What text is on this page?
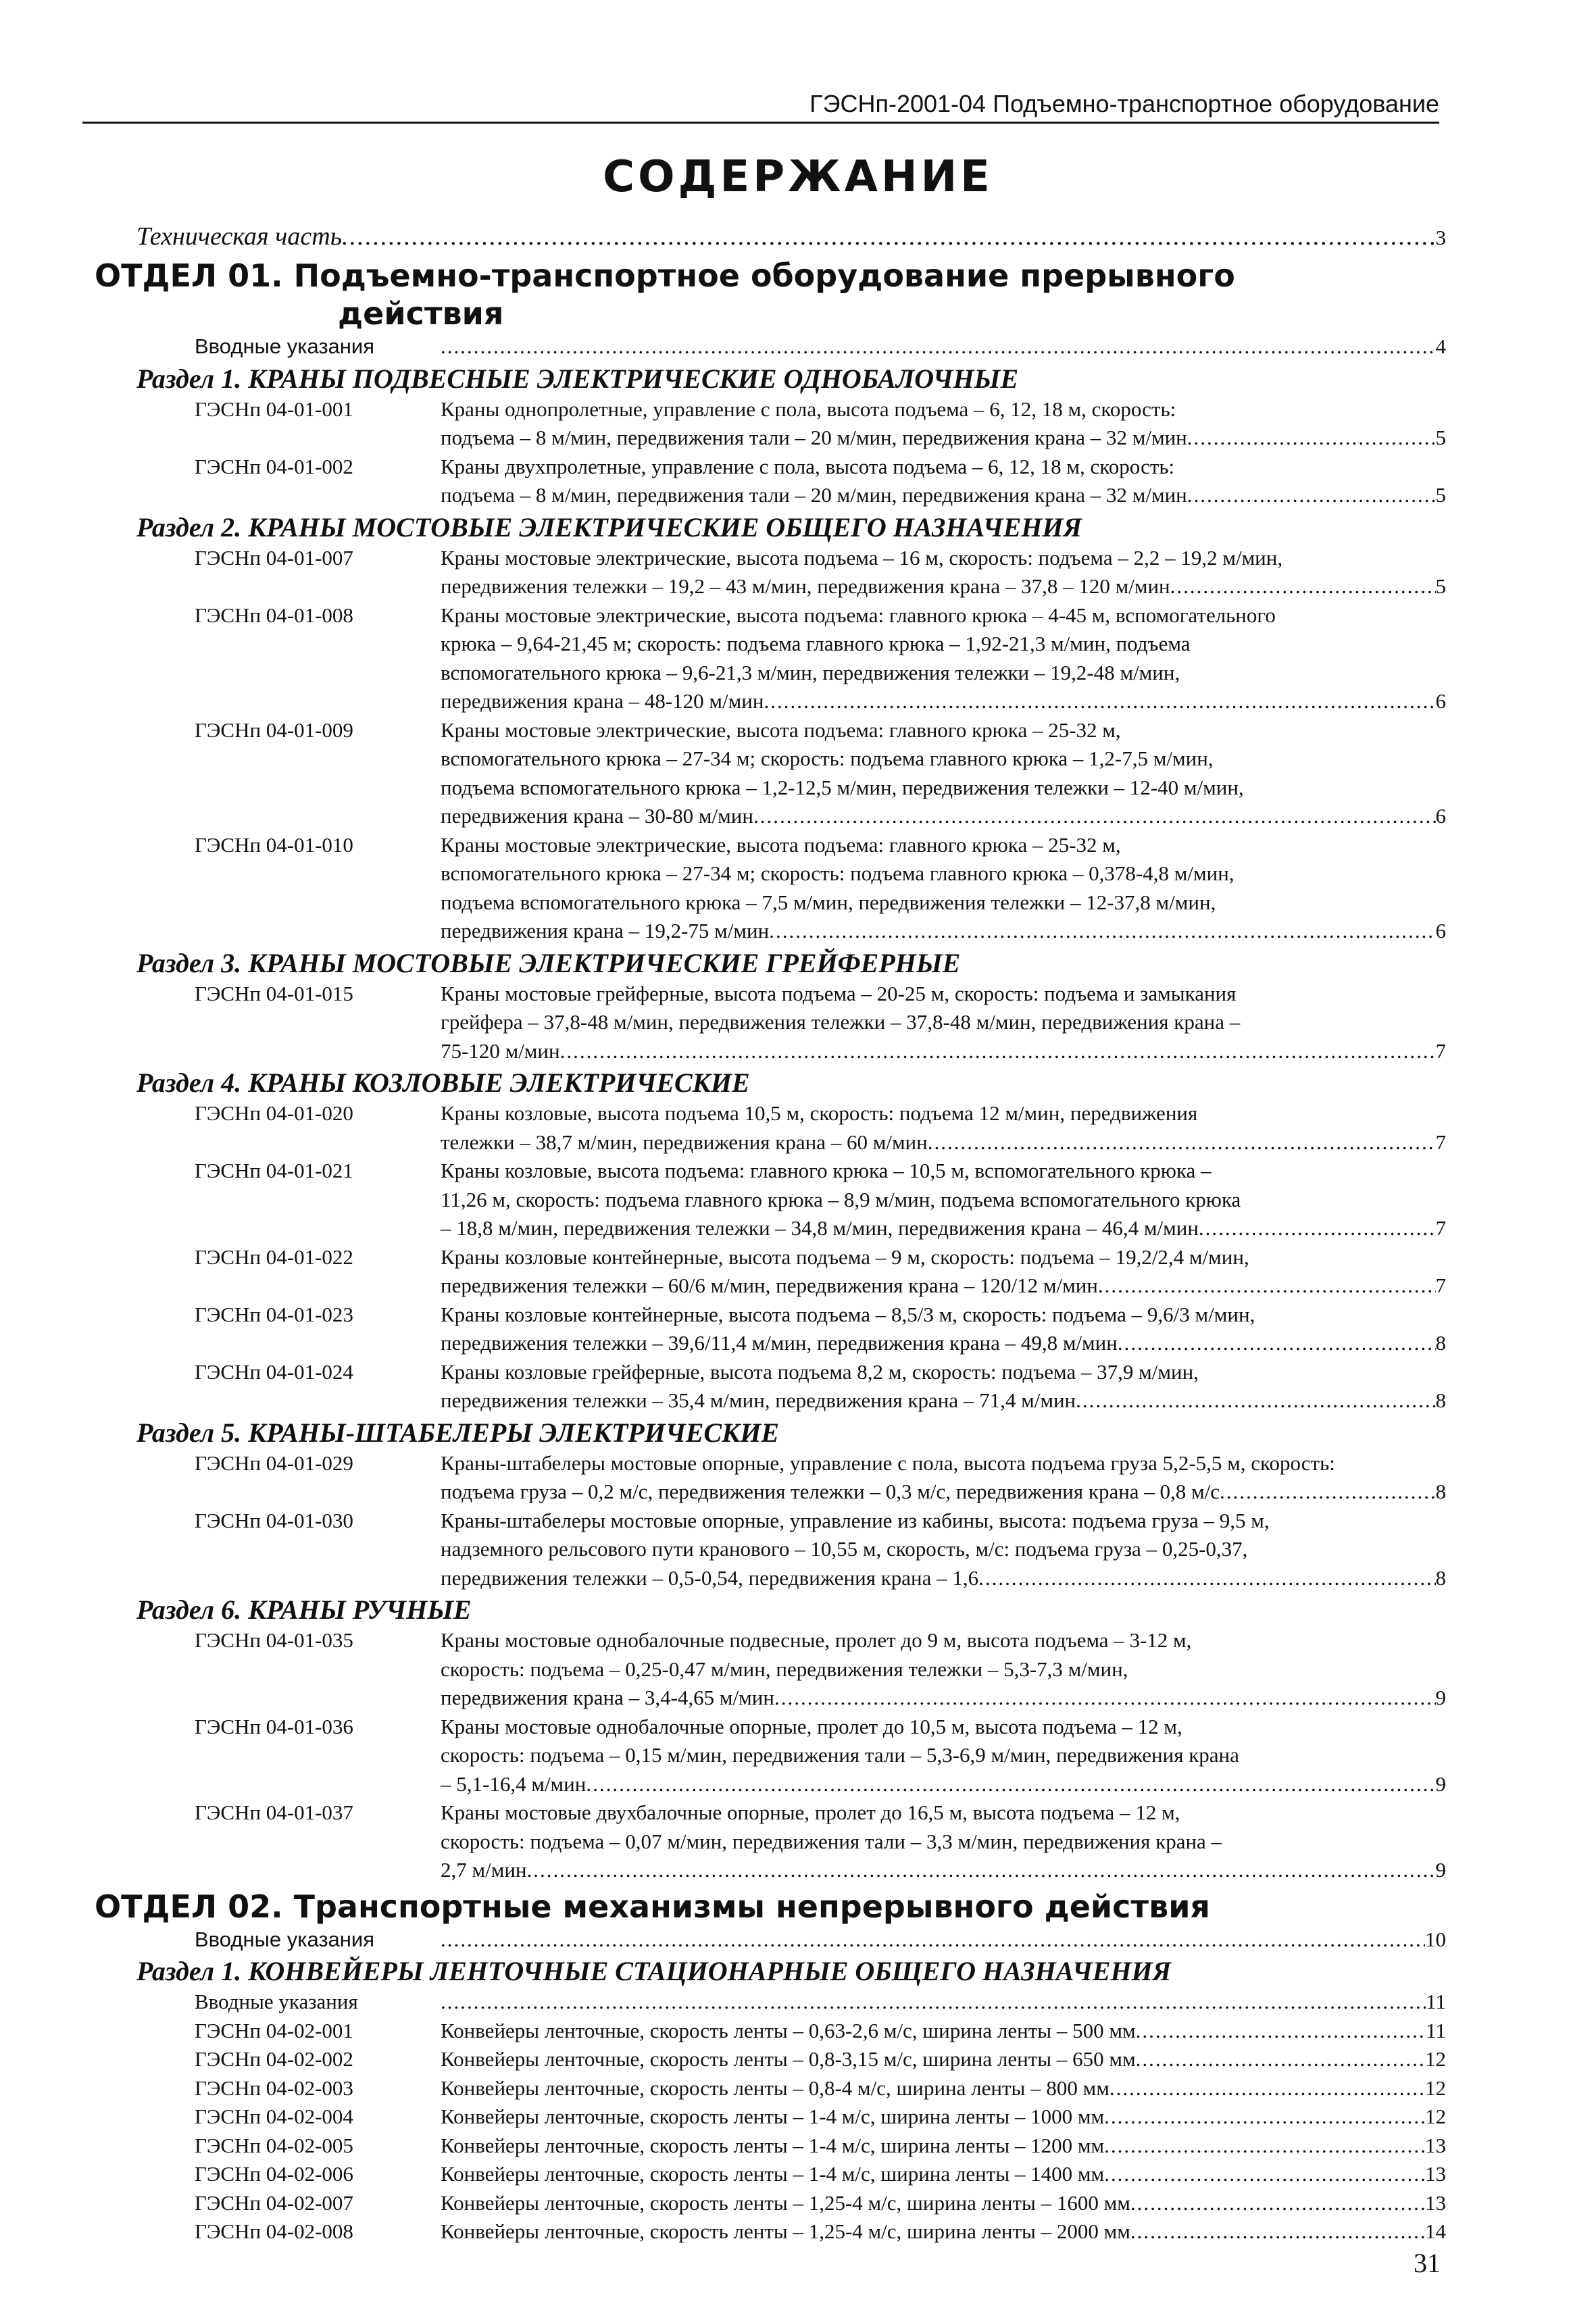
ГЭСНп-2001-04 Подъемно-транспортное оборудование
СОДЕРЖАНИЕ
Техническая часть .....	3
ОТДЕЛ 01. Подъемно-транспортное оборудование прерывного
действия
Вводные указания .....	4
Раздел 1. КРАНЫ ПОДВЕСНЫЕ ЭЛЕКТРИЧЕСКИЕ ОДНОБАЛОЧНЫЕ
ГЭСНп 04-01-001	Краны однопролетные, управление с пола, высота подъема – 6, 12, 18 м, скорость:
подъема – 8 м/мин, передвижения тали – 20 м/мин, передвижения крана – 32 м/мин .....	5
ГЭСНп 04-01-002	Краны двухпролетные, управление с пола, высота подъема – 6, 12, 18 м, скорость:
подъема – 8 м/мин, передвижения тали – 20 м/мин, передвижения крана – 32 м/мин .....	5
Раздел 2. КРАНЫ МОСТОВЫЕ ЭЛЕКТРИЧЕСКИЕ ОБЩЕГО НАЗНАЧЕНИЯ
ГЭСНп 04-01-007	Краны мостовые электрические, высота подъема – 16 м, скорость: подъема – 2,2 – 19,2 м/мин,
передвижения тележки – 19,2 – 43 м/мин, передвижения крана – 37,8 – 120 м/мин .....	5
ГЭСНп 04-01-008	Краны мостовые электрические, высота подъема: главного крюка – 4-45 м, вспомогательного
крюка – 9,64-21,45 м; скорость: подъема главного крюка – 1,92-21,3 м/мин, подъема
вспомогательного крюка – 9,6-21,3 м/мин, передвижения тележки – 19,2-48 м/мин,
передвижения крана – 48-120 м/мин .....	6
ГЭСНп 04-01-009	Краны мостовые электрические, высота подъема: главного крюка – 25-32 м,
вспомогательного крюка – 27-34 м; скорость: подъема главного крюка – 1,2-7,5 м/мин,
подъема вспомогательного крюка – 1,2-12,5 м/мин, передвижения тележки – 12-40 м/мин,
передвижения крана – 30-80 м/мин .....	6
ГЭСНп 04-01-010	Краны мостовые электрические, высота подъема: главного крюка – 25-32 м,
вспомогательного крюка – 27-34 м; скорость: подъема главного крюка – 0,378-4,8 м/мин,
подъема вспомогательного крюка – 7,5 м/мин, передвижения тележки – 12-37,8 м/мин,
передвижения крана – 19,2-75 м/мин .....	6
Раздел 3. КРАНЫ МОСТОВЫЕ ЭЛЕКТРИЧЕСКИЕ ГРЕЙФЕРНЫЕ
ГЭСНп 04-01-015	Краны мостовые грейферные, высота подъема – 20-25 м, скорость: подъема и замыкания
грейфера – 37,8-48 м/мин, передвижения тележки – 37,8-48 м/мин, передвижения крана –
75-120 м/мин .....	7
Раздел 4. КРАНЫ КОЗЛОВЫЕ ЭЛЕКТРИЧЕСКИЕ
ГЭСНп 04-01-020	Краны козловые, высота подъема 10,5 м, скорость: подъема 12 м/мин, передвижения
тележки – 38,7 м/мин, передвижения крана – 60 м/мин .....	7
ГЭСНп 04-01-021	Краны козловые, высота подъема: главного крюка – 10,5 м, вспомогательного крюка –
11,26 м, скорость: подъема главного крюка – 8,9 м/мин, подъема вспомогательного крюка
– 18,8 м/мин, передвижения тележки – 34,8 м/мин, передвижения крана – 46,4 м/мин .....	7
ГЭСНп 04-01-022	Краны козловые контейнерные, высота подъема – 9 м, скорость: подъема – 19,2/2,4 м/мин,
передвижения тележки – 60/6 м/мин, передвижения крана – 120/12 м/мин .....	7
ГЭСНп 04-01-023	Краны козловые контейнерные, высота подъема – 8,5/3 м, скорость: подъема – 9,6/3 м/мин,
передвижения тележки – 39,6/11,4 м/мин, передвижения крана – 49,8 м/мин .....	8
ГЭСНп 04-01-024	Краны козловые грейферные, высота подъема 8,2 м, скорость: подъема – 37,9 м/мин,
передвижения тележки – 35,4 м/мин, передвижения крана – 71,4 м/мин .....	8
Раздел 5. КРАНЫ-ШТАБЕЛЕРЫ ЭЛЕКТРИЧЕСКИЕ
ГЭСНп 04-01-029	Краны-штабелеры мостовые опорные, управление с пола, высота подъема груза 5,2-5,5 м, скорость:
подъема груза – 0,2 м/с, передвижения тележки – 0,3 м/с, передвижения крана – 0,8 м/с .....	8
ГЭСНп 04-01-030	Краны-штабелеры мостовые опорные, управление из кабины, высота: подъема груза – 9,5 м,
надземного рельсового пути кранового – 10,55 м, скорость, м/с: подъема груза – 0,25-0,37,
передвижения тележки – 0,5-0,54, передвижения крана – 1,6 .....	8
Раздел 6. КРАНЫ РУЧНЫЕ
ГЭСНп 04-01-035	Краны мостовые однобалочные подвесные, пролет до 9 м, высота подъема – 3-12 м,
скорость: подъема – 0,25-0,47 м/мин, передвижения тележки – 5,3-7,3 м/мин,
передвижения крана – 3,4-4,65 м/мин .....	9
ГЭСНп 04-01-036	Краны мостовые однобалочные опорные, пролет до 10,5 м, высота подъема – 12 м,
скорость: подъема – 0,15 м/мин, передвижения тали – 5,3-6,9 м/мин, передвижения крана
– 5,1-16,4 м/мин .....	9
ГЭСНп 04-01-037	Краны мостовые двухбалочные опорные, пролет до 16,5 м, высота подъема – 12 м,
скорость: подъема – 0,07 м/мин, передвижения тали – 3,3 м/мин, передвижения крана –
2,7 м/мин .....	9
ОТДЕЛ 02. Транспортные механизмы непрерывного действия
Вводные указания .....	10
Раздел 1. КОНВЕЙЕРЫ ЛЕНТОЧНЫЕ СТАЦИОНАРНЫЕ ОБЩЕГО НАЗНАЧЕНИЯ
Вводные указания .....	11
ГЭСНп 04-02-001	Конвейеры ленточные, скорость ленты – 0,63-2,6 м/с, ширина ленты – 500 мм .....	11
ГЭСНп 04-02-002	Конвейеры ленточные, скорость ленты – 0,8-3,15 м/с, ширина ленты – 650 мм .....	12
ГЭСНп 04-02-003	Конвейеры ленточные, скорость ленты – 0,8-4 м/с, ширина ленты – 800 мм .....	12
ГЭСНп 04-02-004	Конвейеры ленточные, скорость ленты – 1-4 м/с, ширина ленты – 1000 мм .....	12
ГЭСНп 04-02-005	Конвейеры ленточные, скорость ленты – 1-4 м/с, ширина ленты – 1200 мм .....	13
ГЭСНп 04-02-006	Конвейеры ленточные, скорость ленты – 1-4 м/с, ширина ленты – 1400 мм .....	13
ГЭСНп 04-02-007	Конвейеры ленточные, скорость ленты – 1,25-4 м/с, ширина ленты – 1600 мм .....	13
ГЭСНп 04-02-008	Конвейеры ленточные, скорость ленты – 1,25-4 м/с, ширина ленты – 2000 мм .....	14
31
